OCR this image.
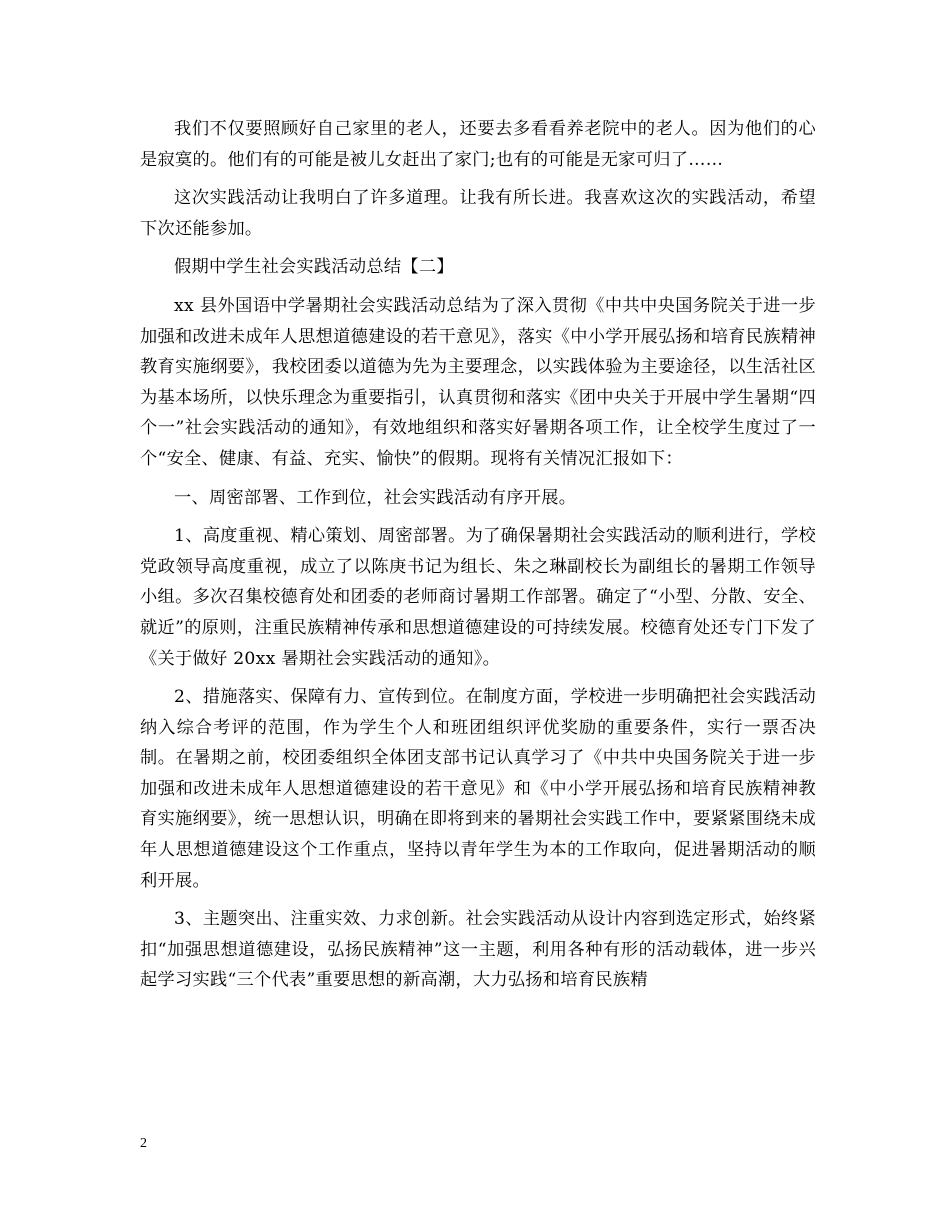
我们不仅要照顾好自己家里的老人，还要去多看看养老院中的老人。因为他们的心是寂寞的。他们有的可能是被儿女赶出了家门;也有的可能是无家可归了……

这次实践活动让我明白了许多道理。让我有所长进。我喜欢这次的实践活动，希望下次还能参加。

假期中学生社会实践活动总结【二】

xx 县外国语中学暑期社会实践活动总结为了深入贯彻《中共中央国务院关于进一步加强和改进未成年人思想道德建设的若干意见》，落实《中小学开展弘扬和培育民族精神教育实施纲要》，我校团委以道德为先为主要理念，以实践体验为主要途径，以生活社区为基本场所，以快乐理念为重要指引，认真贯彻和落实《团中央关于开展中学生暑期“四个一”社会实践活动的通知》，有效地组织和落实好暑期各项工作，让全校学生度过了一个“安全、健康、有益、充实、愉快”的假期。现将有关情况汇报如下：

一、周密部署、工作到位，社会实践活动有序开展。

1、高度重视、精心策划、周密部署。为了确保暑期社会实践活动的顺利进行，学校党政领导高度重视，成立了以陈庚书记为组长、朱之琳副校长为副组长的暑期工作领导小组。多次召集校德育处和团委的老师商讨暑期工作部署。确定了“小型、分散、安全、就近”的原则，注重民族精神传承和思想道德建设的可持续发展。校德育处还专门下发了《关于做好 20xx 暑期社会实践活动的通知》。

2、措施落实、保障有力、宣传到位。在制度方面，学校进一步明确把社会实践活动纳入综合考评的范围，作为学生个人和班团组织评优奖励的重要条件，实行一票否决制。在暑期之前，校团委组织全体团支部书记认真学习了《中共中央国务院关于进一步加强和改进未成年人思想道德建设的若干意见》和《中小学开展弘扬和培育民族精神教育实施纲要》，统一思想认识，明确在即将到来的暑期社会实践工作中，要紧紧围绕未成年人思想道德建设这个工作重点，坚持以青年学生为本的工作取向，促进暑期活动的顺利开展。

3、主题突出、注重实效、力求创新。社会实践活动从设计内容到选定形式，始终紧扣“加强思想道德建设，弘扬民族精神”这一主题，利用各种有形的活动载体，进一步兴起学习实践“三个代表”重要思想的新高潮，大力弘扬和培育民族精

2
